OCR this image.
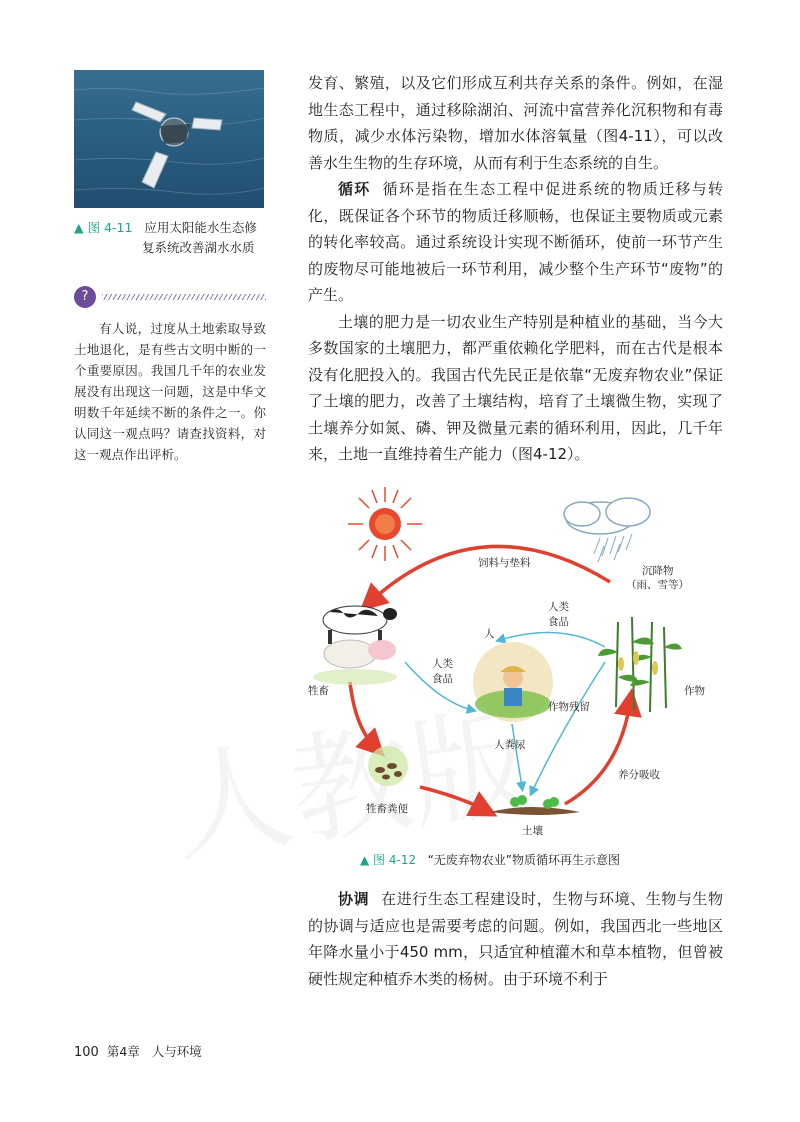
▲ 图 4-11 应用太阳能水生态修
复系统改善湖水水质
?
有人说，过度从土地索取导致土地退化，是有些古文明中断的一个重要原因。我国几千年的农业发展没有出现这一问题，这是中华文明数千年延续不断的条件之一。你认同这一观点吗？请查找资料，对这一观点作出评析。

发育、繁殖，以及它们形成互利共存关系的条件。例如，在湿地生态工程中，通过移除湖泊、河流中富营养化沉积物和有毒物质，减少水体污染物，增加水体溶氧量（图4-11），可以改善水生生物的生存环境，从而有利于生态系统的自生。

循环 循环是指在生态工程中促进系统的物质迁移与转化，既保证各个环节的物质迁移顺畅，也保证主要物质或元素的转化率较高。通过系统设计实现不断循环，使前一环节产生的废物尽可能地被后一环节利用，减少整个生产环节“废物”的产生。

土壤的肥力是一切农业生产特别是种植业的基础，当今大多数国家的土壤肥力，都严重依赖化学肥料，而在古代是根本没有化肥投入的。我国古代先民正是依靠“无废弃物农业”保证了土壤的肥力，改善了土壤结构，培育了土壤微生物，实现了土壤养分如氮、磷、钾及微量元素的循环利用，因此，几千年来，土地一直维持着生产能力（图4-12）。

饲料与垫料
沉降物
（雨、雪等）
人类
食品
人
人类
食品
牲畜	作物
作物残留
人粪尿
牲畜粪便
养分吸收
土壤
▲ 图 4-12 “无废弃物农业”物质循环再生示意图

协调 在进行生态工程建设时，生物与环境、生物与生物的协调与适应也是需要考虑的问题。例如，我国西北一些地区年降水量小于450 mm，只适宜种植灌木和草本植物，但曾被硬性规定种植乔木类的杨树。由于环境不利于

100 第4章 人与环境
